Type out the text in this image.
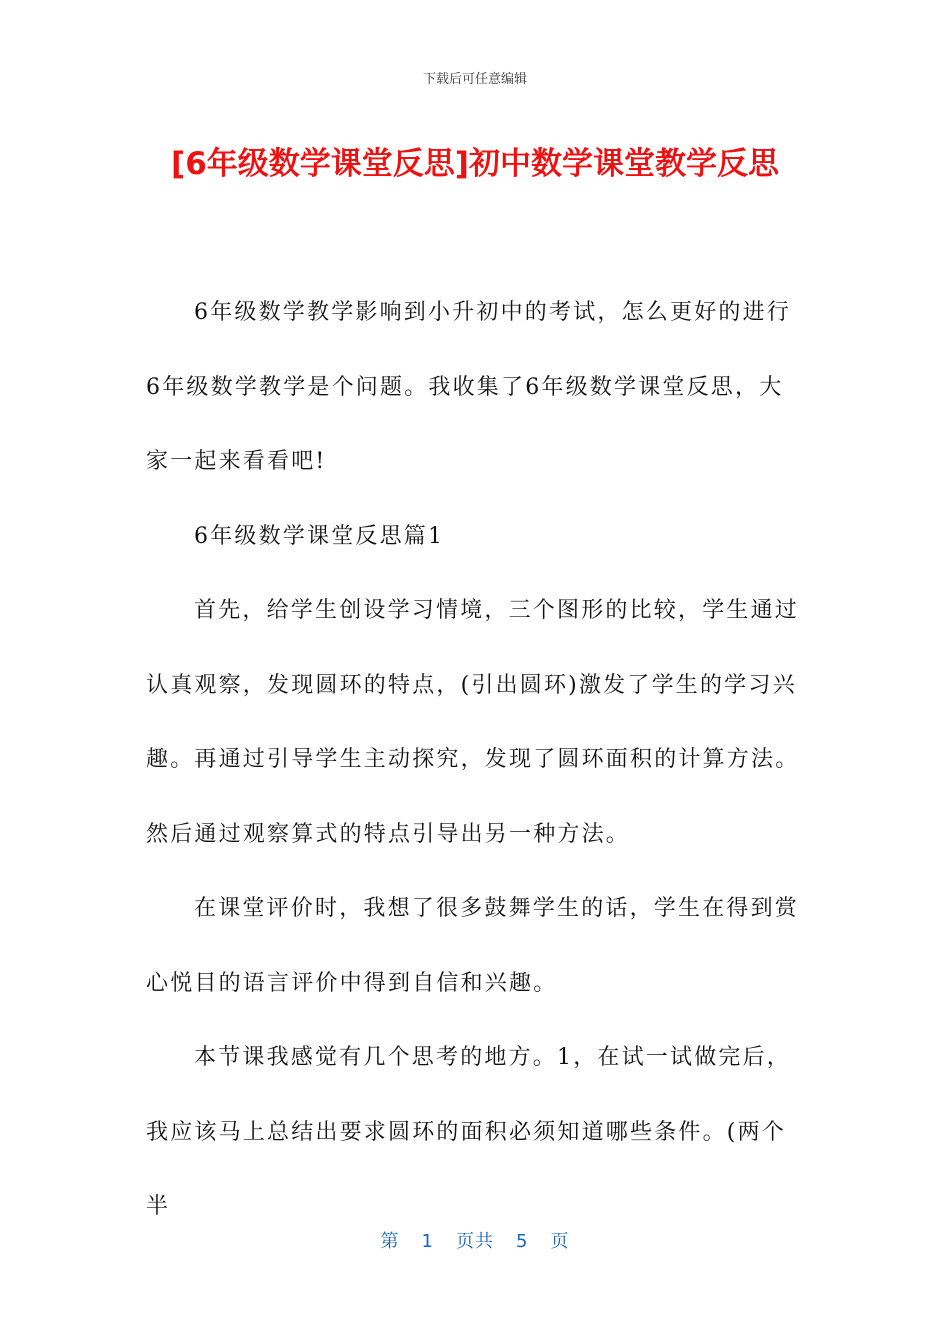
下载后可任意编辑
[6年级数学课堂反思]初中数学课堂教学反思

6年级数学教学影响到小升初中的考试，怎么更好的进行6年级数学教学是个问题。我收集了6年级数学课堂反思，大家一起来看看吧!

6年级数学课堂反思篇1

首先，给学生创设学习情境，三个图形的比较，学生通过认真观察，发现圆环的特点，(引出圆环)激发了学生的学习兴趣。再通过引导学生主动探究，发现了圆环面积的计算方法。然后通过观察算式的特点引导出另一种方法。

在课堂评价时，我想了很多鼓舞学生的话，学生在得到赏心悦目的语言评价中得到自信和兴趣。

本节课我感觉有几个思考的地方。1，在试一试做完后，我应该马上总结出要求圆环的面积必须知道哪些条件。(两个半

第 1 页共 5 页
